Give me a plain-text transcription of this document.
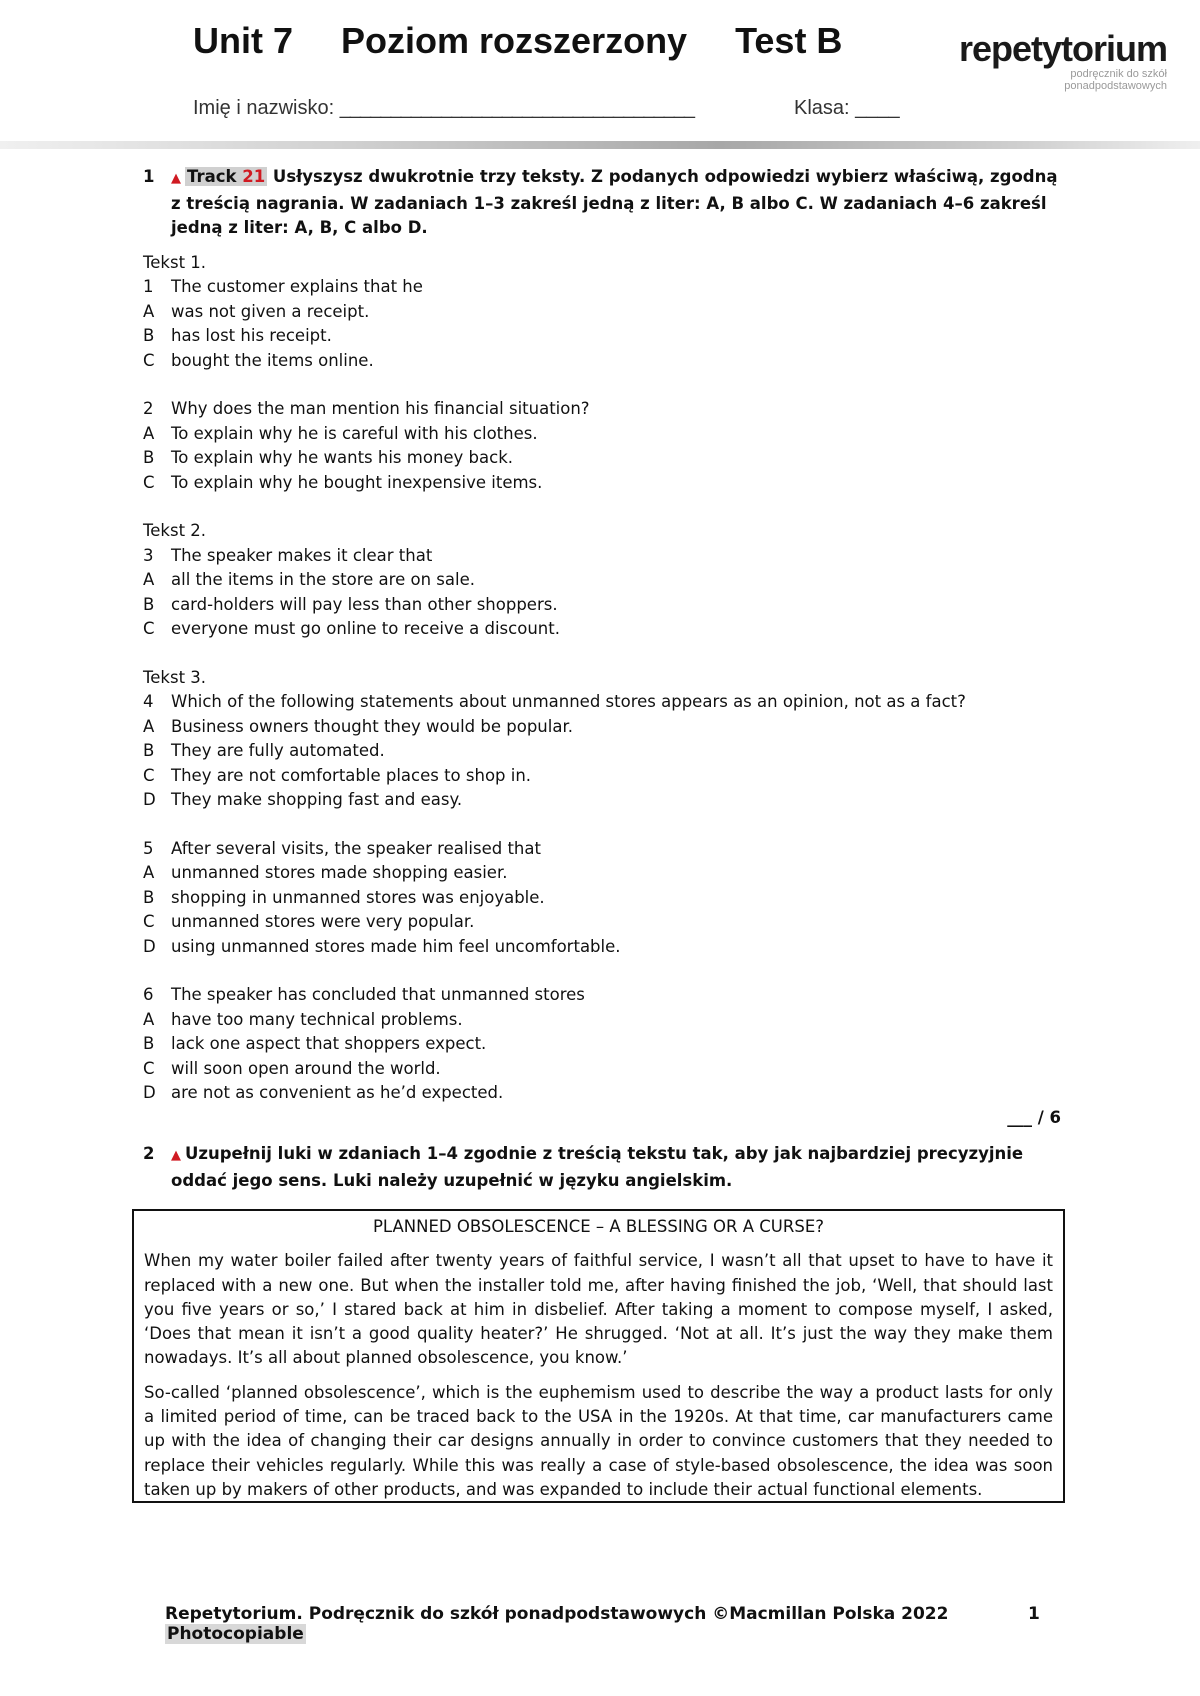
Unit 7 Poziom rozszerzony Test B	repetytorium
podręcznik do szkół
ponadpodstawowych
Imię i nazwisko: ___________________________________	Klasa: ____
1 ▲ Track 21 Usłyszysz dwukrotnie trzy teksty. Z podanych odpowiedzi wybierz właściwą, zgodną z treścią nagrania. W zadaniach 1–3 zakreśl jedną z liter: A, B albo C. W zadaniach 4–6 zakreśl jedną z liter: A, B, C albo D.
Tekst 1.
1 The customer explains that he
A was not given a receipt.
B has lost his receipt.
C bought the items online.
2 Why does the man mention his financial situation?
A To explain why he is careful with his clothes.
B To explain why he wants his money back.
C To explain why he bought inexpensive items.
Tekst 2.
3 The speaker makes it clear that
A all the items in the store are on sale.
B card-holders will pay less than other shoppers.
C everyone must go online to receive a discount.
Tekst 3.
4 Which of the following statements about unmanned stores appears as an opinion, not as a fact?
A Business owners thought they would be popular.
B They are fully automated.
C They are not comfortable places to shop in.
D They make shopping fast and easy.
5 After several visits, the speaker realised that
A unmanned stores made shopping easier.
B shopping in unmanned stores was enjoyable.
C unmanned stores were very popular.
D using unmanned stores made him feel uncomfortable.
6 The speaker has concluded that unmanned stores
A have too many technical problems.
B lack one aspect that shoppers expect.
C will soon open around the world.
D are not as convenient as he’d expected.
___ / 6
2 ▲ Uzupełnij luki w zdaniach 1–4 zgodnie z treścią tekstu tak, aby jak najbardziej precyzyjnie oddać jego sens. Luki należy uzupełnić w języku angielskim.
PLANNED OBSOLESCENCE – A BLESSING OR A CURSE?

When my water boiler failed after twenty years of faithful service, I wasn’t all that upset to have to have it replaced with a new one. But when the installer told me, after having finished the job, ‘Well, that should last you five years or so,’ I stared back at him in disbelief. After taking a moment to compose myself, I asked, ‘Does that mean it isn’t a good quality heater?’ He shrugged. ‘Not at all. It’s just the way they make them nowadays. It’s all about planned obsolescence, you know.’

So-called ‘planned obsolescence’, which is the euphemism used to describe the way a product lasts for only a limited period of time, can be traced back to the USA in the 1920s. At that time, car manufacturers came up with the idea of changing their car designs annually in order to convince customers that they needed to replace their vehicles regularly. While this was really a case of style-based obsolescence, the idea was soon taken up by makers of other products, and was expanded to include their actual functional elements.

Repetytorium. Podręcznik do szkół ponadpodstawowych ©Macmillan Polska 2022 Photocopiable
1
